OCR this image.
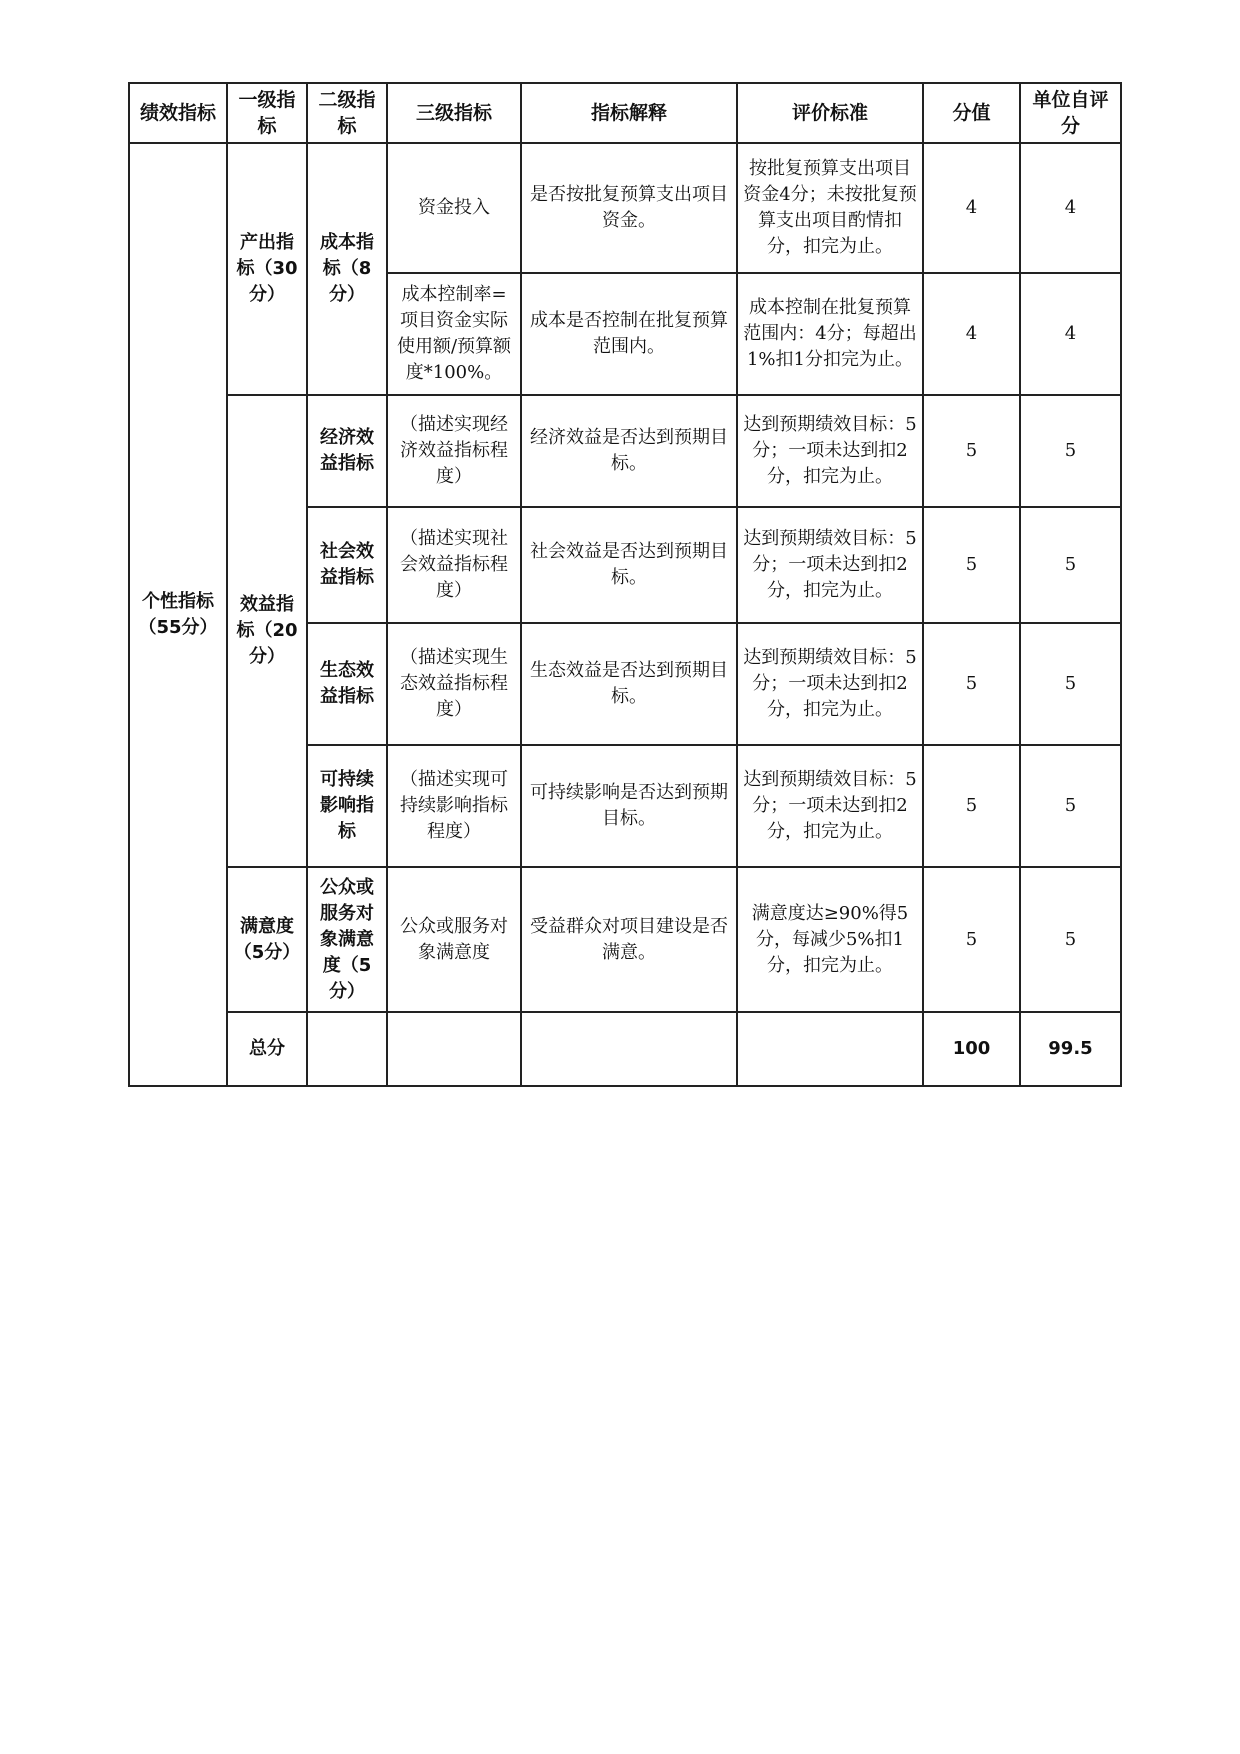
绩效指标	一级指标	二级指标	三级指标	指标解释	评价标准	分值	单位自评分
个性指标（55分）	产出指标（30分）	成本指标（8分）	资金投入	是否按批复预算支出项目资金。	按批复预算支出项目资金4分；未按批复预算支出项目酌情扣分，扣完为止。	4	4
			成本控制率=项目资金实际使用额/预算额度*100%。	成本是否控制在批复预算范围内。	成本控制在批复预算范围内：4分；每超出1%扣1分扣完为止。	4	4
	效益指标（20分）	经济效益指标	（描述实现经济效益指标程度）	经济效益是否达到预期目标。	达到预期绩效目标：5分；一项未达到扣2 分，扣完为止。	5	5
		社会效益指标	（描述实现社会效益指标程度）	社会效益是否达到预期目标。	达到预期绩效目标：5分；一项未达到扣2 分，扣完为止。	5	5
		生态效益指标	（描述实现生态效益指标程度）	生态效益是否达到预期目标。	达到预期绩效目标：5分；一项未达到扣2分，扣完为止。	5	5
		可持续影响指标	（描述实现可持续影响指标程度）	可持续影响是否达到预期目标。	达到预期绩效目标：5分；一项未达到扣2分，扣完为止。	5	5
	满意度（5分）	公众或服务对象满意度（5分）	公众或服务对象满意度	受益群众对项目建设是否满意。	满意度达≥90%得5分，每减少5%扣1分，扣完为止。	5	5
	总分					100	99.5
